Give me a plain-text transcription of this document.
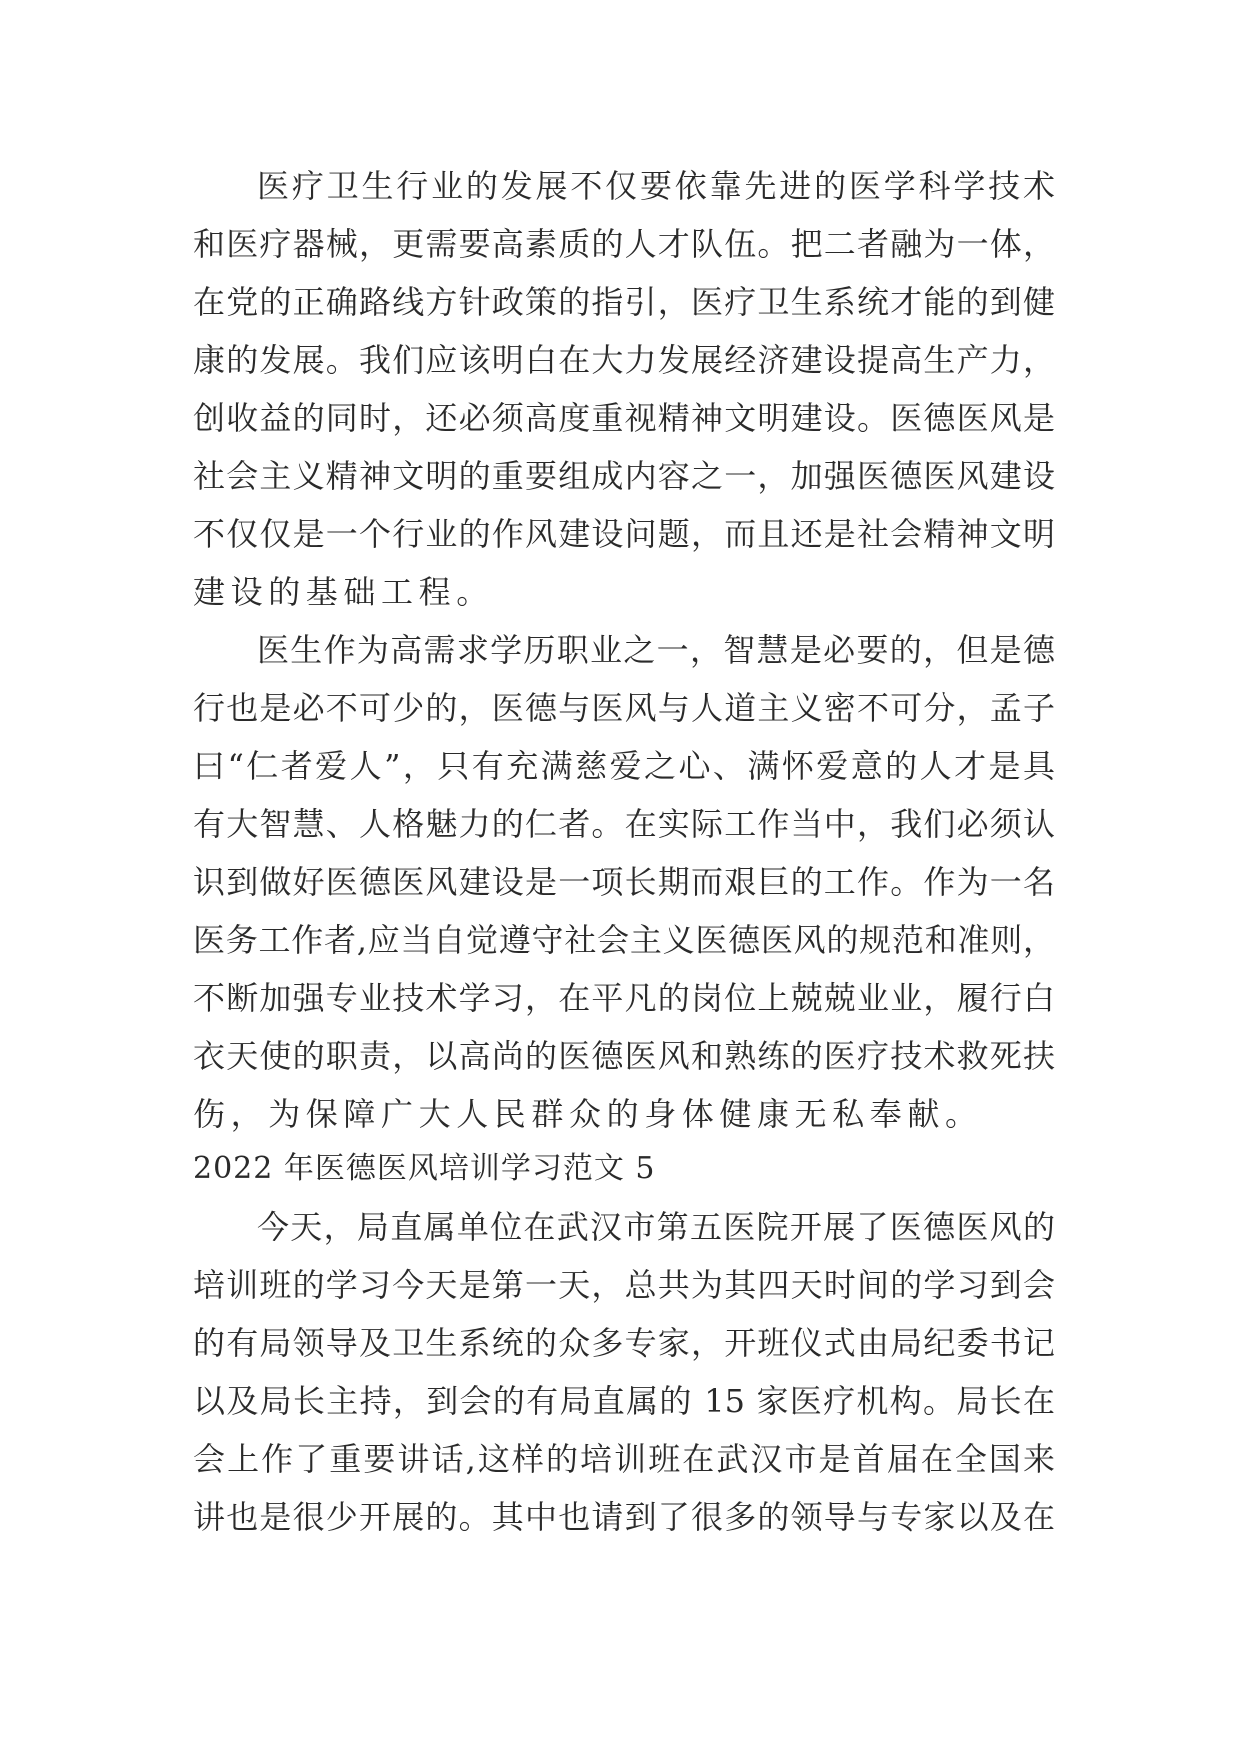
医疗卫生行业的发展不仅要依靠先进的医学科学技术
和医疗器械，更需要高素质的人才队伍。把二者融为一体，
在党的正确路线方针政策的指引，医疗卫生系统才能的到健
康的发展。我们应该明白在大力发展经济建设提高生产力，
创收益的同时，还必须高度重视精神文明建设。医德医风是
社会主义精神文明的重要组成内容之一，加强医德医风建设
不仅仅是一个行业的作风建设问题，而且还是社会精神文明
建设的基础工程。
医生作为高需求学历职业之一，智慧是必要的，但是德
行也是必不可少的，医德与医风与人道主义密不可分，孟子
曰“仁者爱人”，只有充满慈爱之心、满怀爱意的人才是具
有大智慧、人格魅力的仁者。在实际工作当中，我们必须认
识到做好医德医风建设是一项长期而艰巨的工作。作为一名
医务工作者,应当自觉遵守社会主义医德医风的规范和准则，
不断加强专业技术学习，在平凡的岗位上兢兢业业，履行白
衣天使的职责，以高尚的医德医风和熟练的医疗技术救死扶
伤，为保障广大人民群众的身体健康无私奉献。
2022 年医德医风培训学习范文 5
今天，局直属单位在武汉市第五医院开展了医德医风的
培训班的学习今天是第一天，总共为其四天时间的学习到会
的有局领导及卫生系统的众多专家，开班仪式由局纪委书记
以及局长主持，到会的有局直属的 15 家医疗机构。局长在
会上作了重要讲话,这样的培训班在武汉市是首届在全国来
讲也是很少开展的。其中也请到了很多的领导与专家以及在
